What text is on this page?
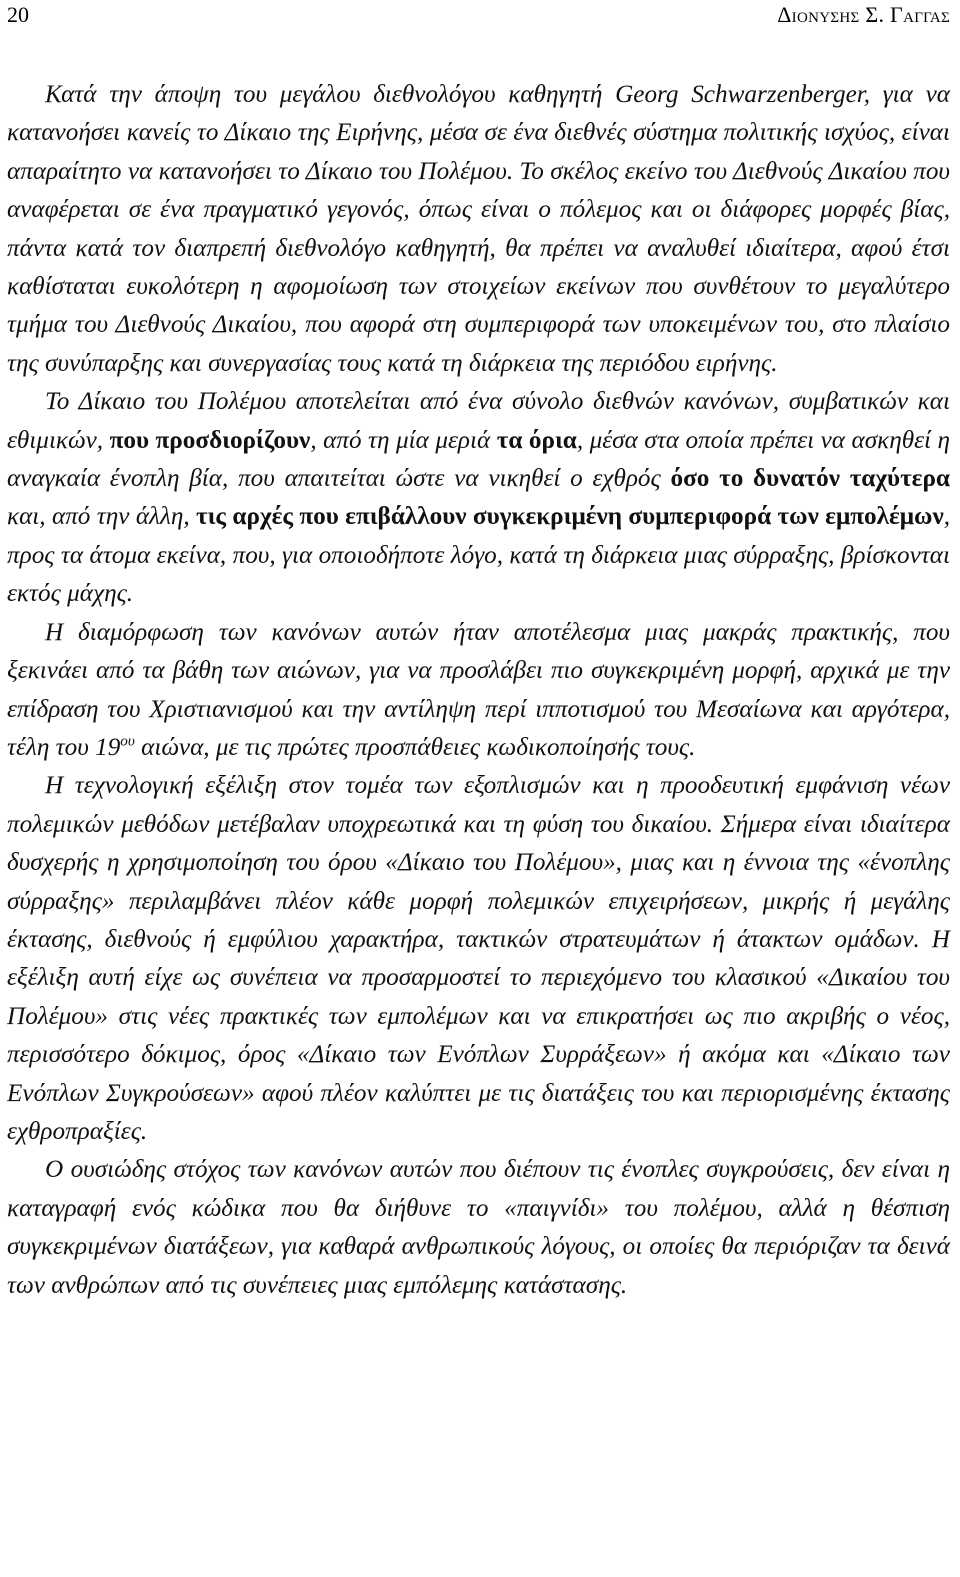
20	Διονυσης Σ. Γαγγας

Κατά την άποψη του μεγάλου διεθνολόγου καθηγητή Georg Schwarzenberger, για να κατανοήσει κανείς το Δίκαιο της Ειρήνης, μέσα σε ένα διεθνές σύστημα πολιτικής ισχύος, είναι απαραίτητο να κατανοήσει το Δίκαιο του Πολέμου. Το σκέλος εκείνο του Διεθνούς Δικαίου που αναφέρεται σε ένα πραγματικό γεγονός, όπως είναι ο πόλεμος και οι διάφορες μορφές βίας, πάντα κατά τον διαπρεπή διεθνολόγο καθηγητή, θα πρέπει να αναλυθεί ιδιαίτερα, αφού έτσι καθίσταται ευκολότερη η αφομοίωση των στοιχείων εκείνων που συνθέτουν το μεγαλύτερο τμήμα του Διεθνούς Δικαίου, που αφορά στη συμπεριφορά των υποκειμένων του, στο πλαίσιο της συνύπαρξης και συνεργασίας τους κατά τη διάρκεια της περιόδου ειρήνης.

Το Δίκαιο του Πολέμου αποτελείται από ένα σύνολο διεθνών κανόνων, συμβατικών και εθιμικών, που προσδιορίζουν, από τη μία μεριά τα όρια, μέσα στα οποία πρέπει να ασκηθεί η αναγκαία ένοπλη βία, που απαιτείται ώστε να νικηθεί ο εχθρός όσο το δυνατόν ταχύτερα και, από την άλλη, τις αρχές που επιβάλλουν συγκεκριμένη συμπεριφορά των εμπολέμων, προς τα άτομα εκείνα, που, για οποιοδήποτε λόγο, κατά τη διάρκεια μιας σύρραξης, βρίσκονται εκτός μάχης.

Η διαμόρφωση των κανόνων αυτών ήταν αποτέλεσμα μιας μακράς πρακτικής, που ξεκινάει από τα βάθη των αιώνων, για να προσλάβει πιο συγκεκριμένη μορφή, αρχικά με την επίδραση του Χριστιανισμού και την αντίληψη περί ιπποτισμού του Μεσαίωνα και αργότερα, τέλη του $19^{o\upsilon}$ αιώνα, με τις πρώτες προσπάθειες κωδικοποίησής τους.

Η τεχνολογική εξέλιξη στον τομέα των εξοπλισμών και η προοδευτική εμφάνιση νέων πολεμικών μεθόδων μετέβαλαν υποχρεωτικά και τη φύση του δικαίου. Σήμερα είναι ιδιαίτερα δυσχερής η χρησιμοποίηση του όρου «Δίκαιο του Πολέμου», μιας και η έννοια της «ένοπλης σύρραξης» περιλαμβάνει πλέον κάθε μορφή πολεμικών επιχειρήσεων, μικρής ή μεγάλης έκτασης, διεθνούς ή εμφύλιου χαρακτήρα, τακτικών στρατευμάτων ή άτακτων ομάδων. Η εξέλιξη αυτή είχε ως συνέπεια να προσαρμοστεί το περιεχόμενο του κλασικού «Δικαίου του Πολέμου» στις νέες πρακτικές των εμπολέμων και να επικρατήσει ως πιο ακριβής ο νέος, περισσότερο δόκιμος, όρος «Δίκαιο των Ενόπλων Συρράξεων» ή ακόμα και «Δίκαιο των Ενόπλων Συγκρούσεων» αφού πλέον καλύπτει με τις διατάξεις του και περιορισμένης έκτασης εχθροπραξίες.

Ο ουσιώδης στόχος των κανόνων αυτών που διέπουν τις ένοπλες συγκρούσεις, δεν είναι η καταγραφή ενός κώδικα που θα διήθυνε το «παιγνίδι» του πολέμου, αλλά η θέσπιση συγκεκριμένων διατάξεων, για καθαρά ανθρωπικούς λόγους, οι οποίες θα περιόριζαν τα δεινά των ανθρώπων από τις συνέπειες μιας εμπόλεμης κατάστασης.
